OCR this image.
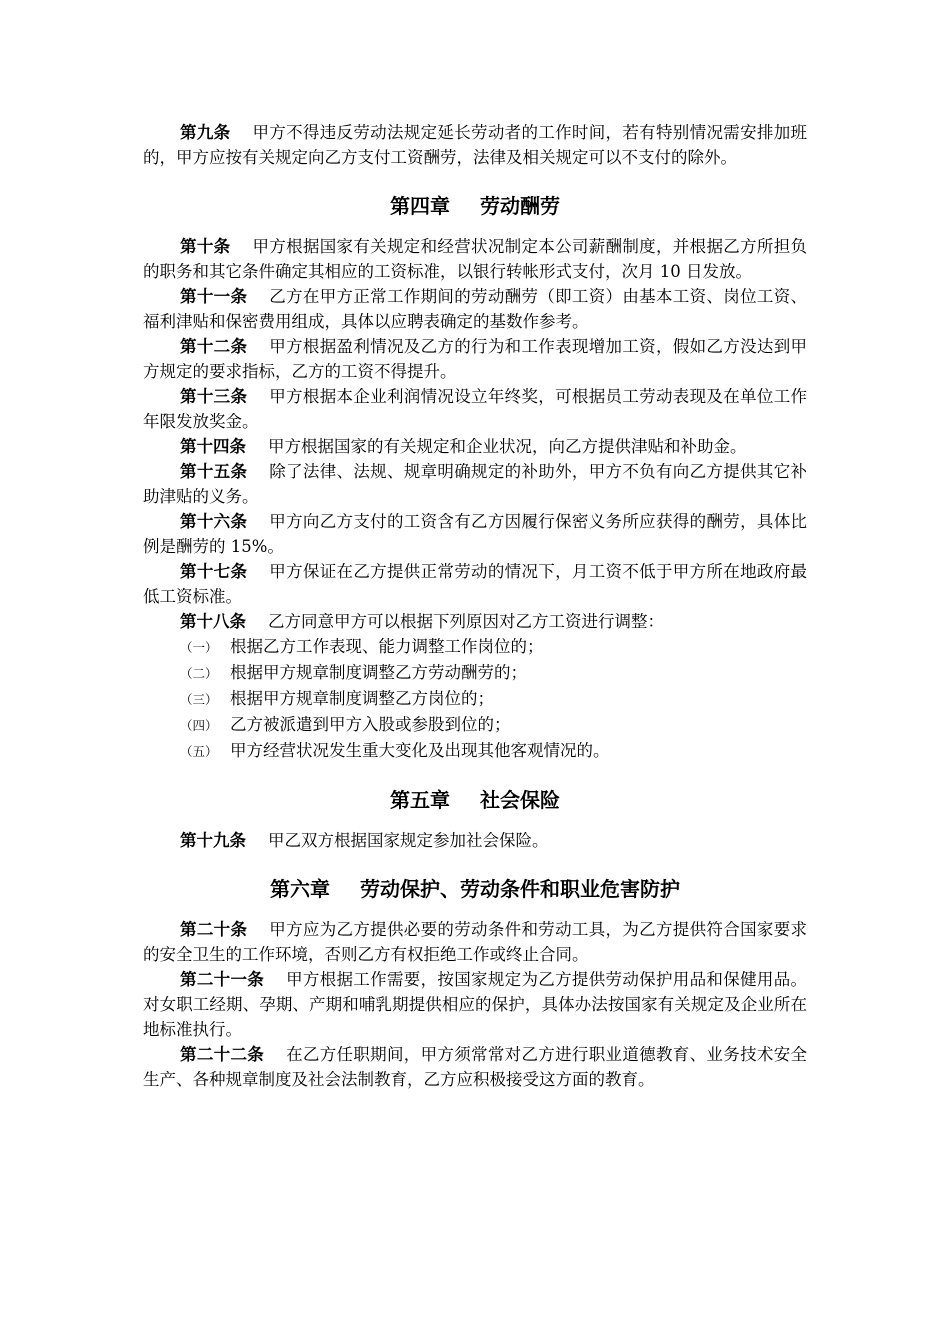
第九条 甲方不得违反劳动法规定延长劳动者的工作时间，若有特别情况需安排加班的，甲方应按有关规定向乙方支付工资酬劳，法律及相关规定可以不支付的除外。

第四章 劳动酬劳

第十条 甲方根据国家有关规定和经营状况制定本公司薪酬制度，并根据乙方所担负的职务和其它条件确定其相应的工资标准，以银行转帐形式支付，次月 10 日发放。

第十一条 乙方在甲方正常工作期间的劳动酬劳（即工资）由基本工资、岗位工资、福利津贴和保密费用组成，具体以应聘表确定的基数作参考。

第十二条 甲方根据盈利情况及乙方的行为和工作表现增加工资，假如乙方没达到甲方规定的要求指标，乙方的工资不得提升。

第十三条 甲方根据本企业利润情况设立年终奖，可根据员工劳动表现及在单位工作年限发放奖金。

第十四条 甲方根据国家的有关规定和企业状况，向乙方提供津贴和补助金。

第十五条 除了法律、法规、规章明确规定的补助外，甲方不负有向乙方提供其它补助津贴的义务。

第十六条 甲方向乙方支付的工资含有乙方因履行保密义务所应获得的酬劳，具体比例是酬劳的 15%。

第十七条 甲方保证在乙方提供正常劳动的情况下，月工资不低于甲方所在地政府最低工资标准。

第十八条 乙方同意甲方可以根据下列原因对乙方工资进行调整：

（一） 根据乙方工作表现、能力调整工作岗位的；

（二） 根据甲方规章制度调整乙方劳动酬劳的；

（三） 根据甲方规章制度调整乙方岗位的；

（四） 乙方被派遣到甲方入股或参股到位的；

（五） 甲方经营状况发生重大变化及出现其他客观情况的。

第五章 社会保险

第十九条 甲乙双方根据国家规定参加社会保险。

第六章 劳动保护、劳动条件和职业危害防护

第二十条 甲方应为乙方提供必要的劳动条件和劳动工具，为乙方提供符合国家要求的安全卫生的工作环境，否则乙方有权拒绝工作或终止合同。

第二十一条 甲方根据工作需要，按国家规定为乙方提供劳动保护用品和保健用品。对女职工经期、孕期、产期和哺乳期提供相应的保护，具体办法按国家有关规定及企业所在地标准执行。

第二十二条 在乙方任职期间，甲方须常常对乙方进行职业道德教育、业务技术安全生产、各种规章制度及社会法制教育，乙方应积极接受这方面的教育。
